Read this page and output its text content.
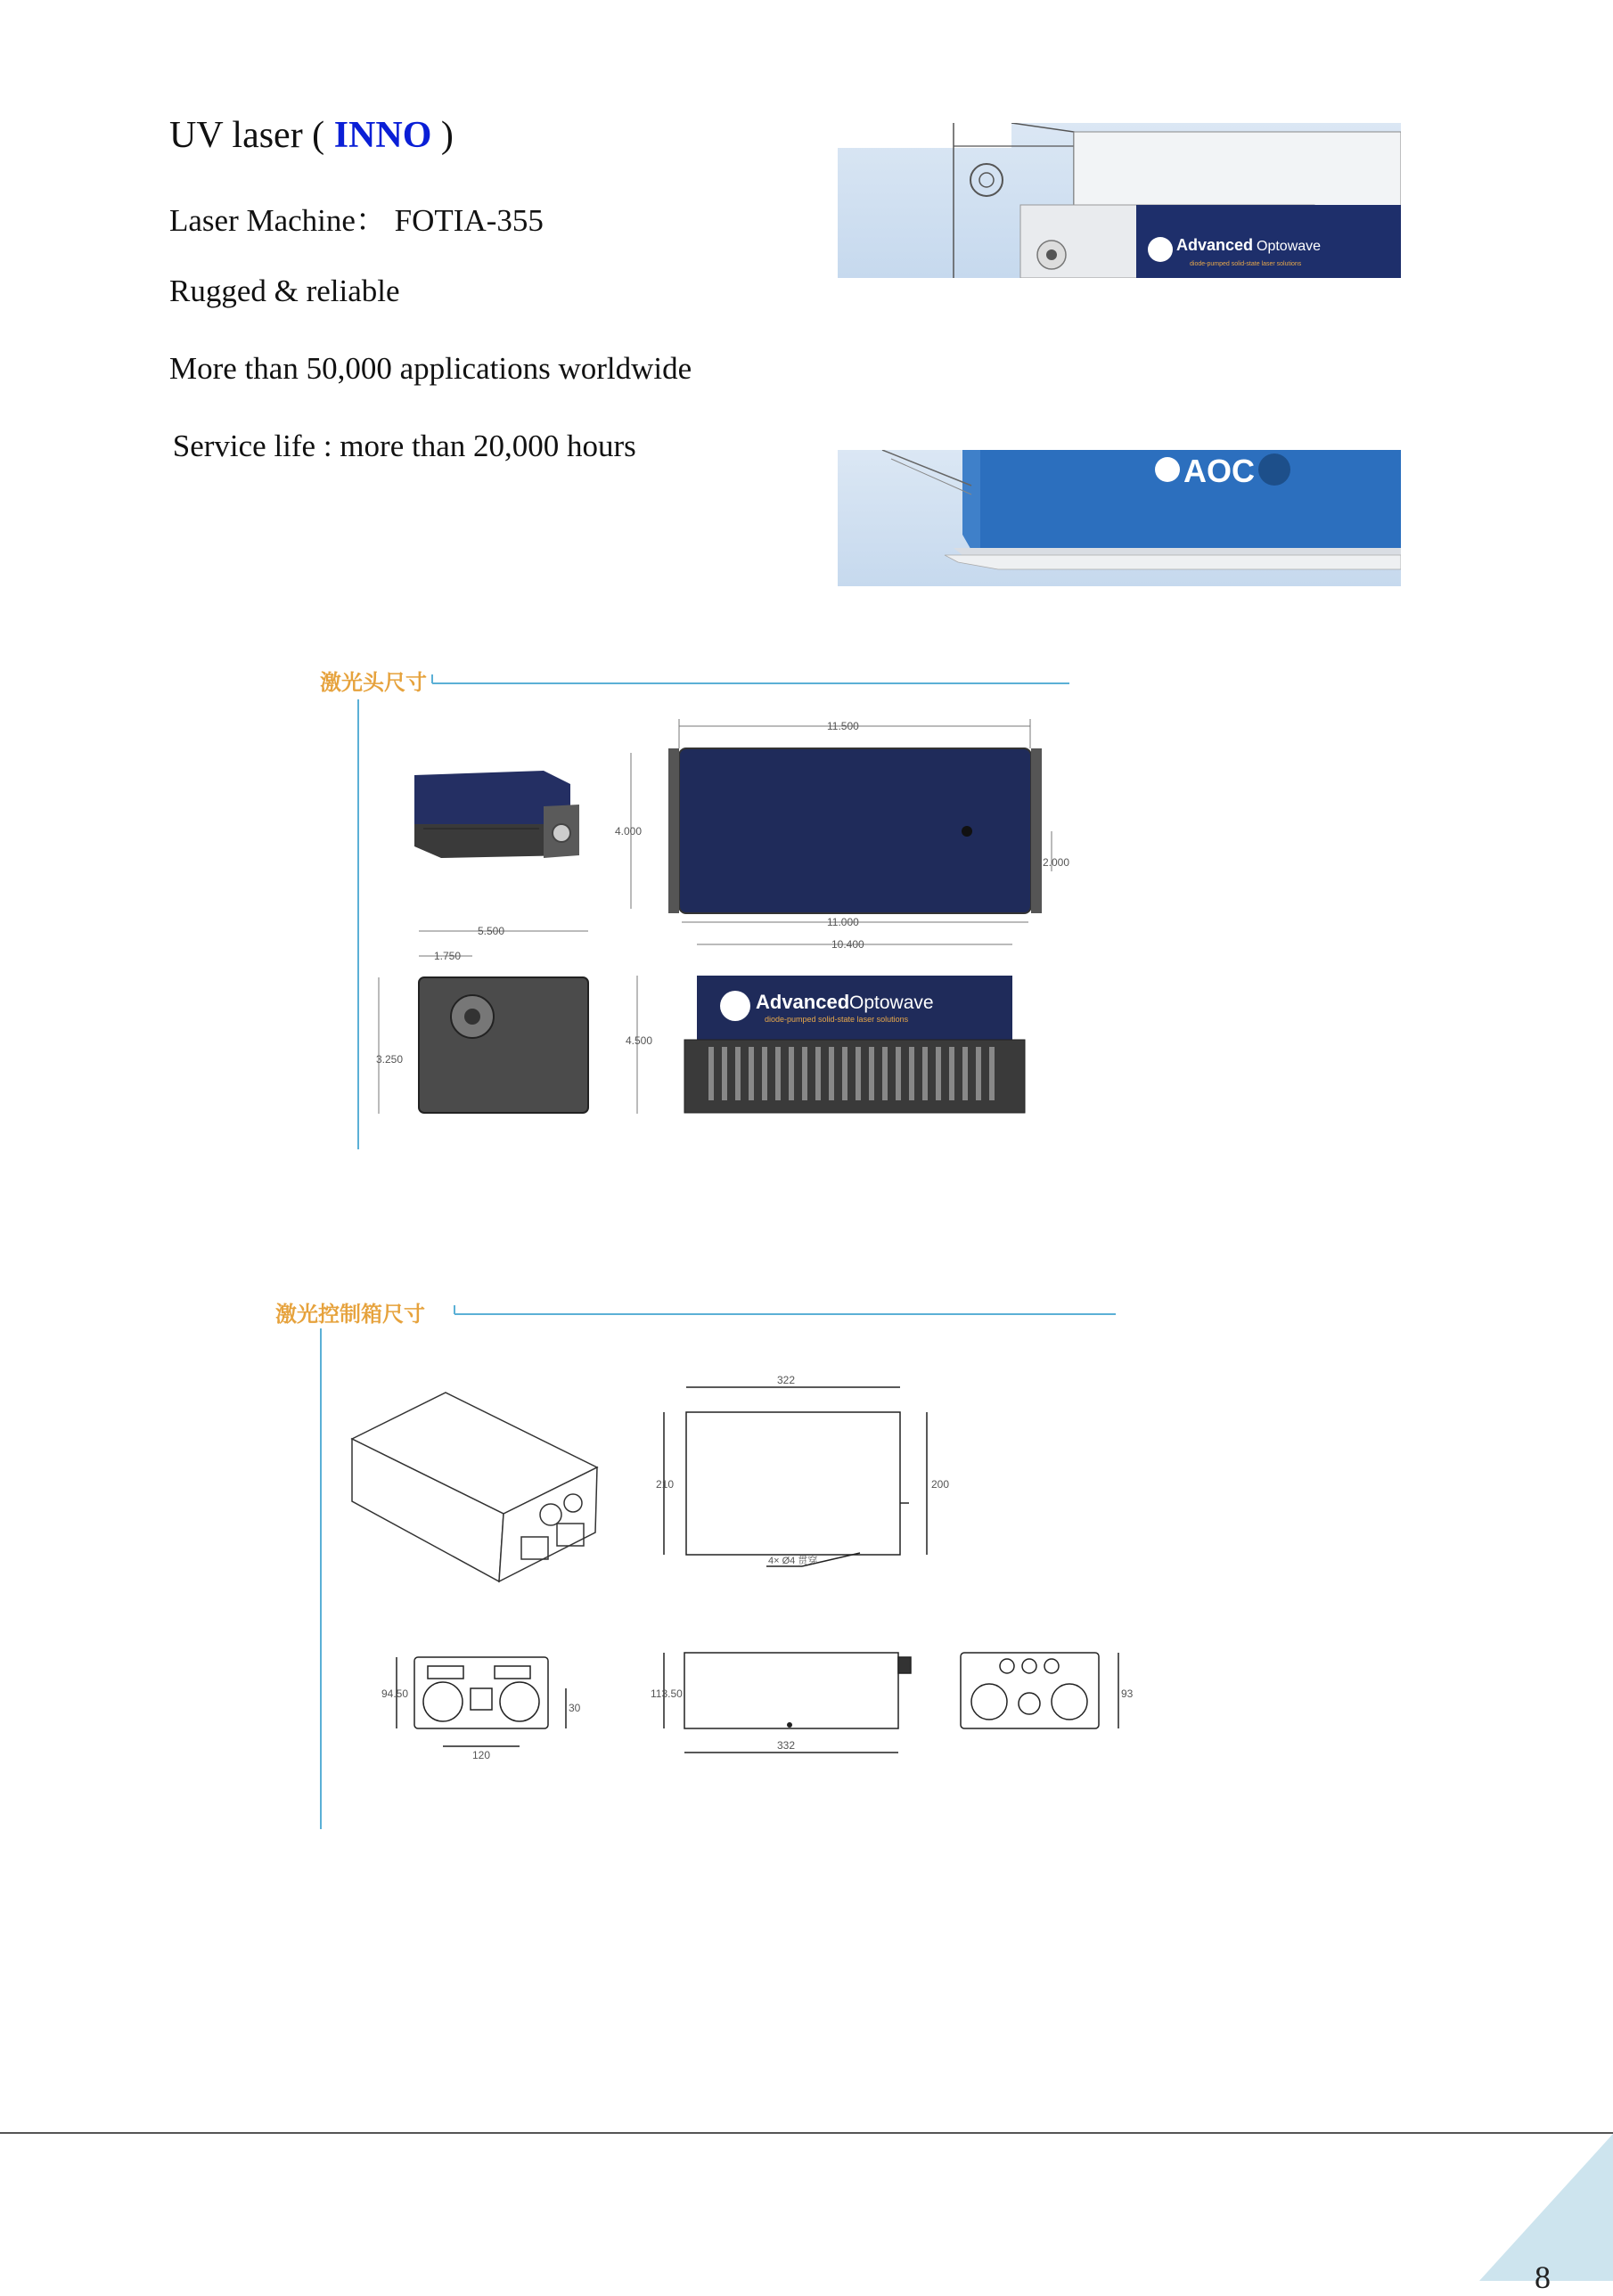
UV laser ( INNO )
Laser Machine： FOTIA-355
Rugged & reliable
More than 50,000 applications worldwide
Service life : more than 20,000 hours
Advanced Optowave
diode-pumped solid-state laser solutions
AOC
Advanced Optowave
diode-pumped solid-state laser solutions
11.500
4.000
2.000
11.000
10.400
5.500
1.750
3.250
4.500
激光头尺寸
322
210	200
4× Ø4 贯穿
94.50
120
30
113.50
332
93
激光控制箱尺寸
8
